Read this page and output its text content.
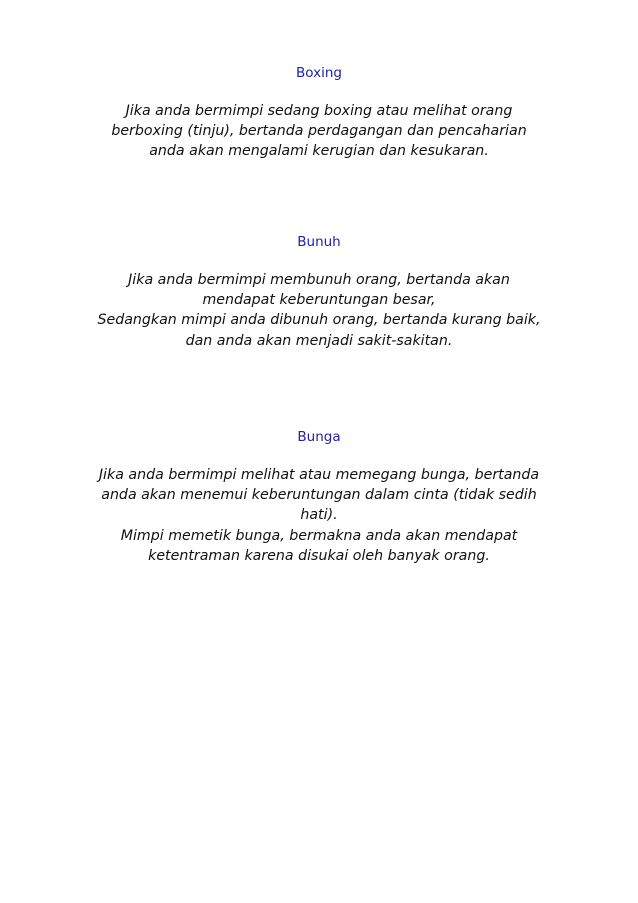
Boxing

Jika anda bermimpi sedang boxing atau melihat orang

berboxing (tinju), bertanda perdagangan dan pencaharian

anda akan mengalami kerugian dan kesukaran.

Bunuh

Jika anda bermimpi membunuh orang, bertanda akan

mendapat keberuntungan besar,

Sedangkan mimpi anda dibunuh orang, bertanda kurang baik,

dan anda akan menjadi sakit-sakitan.

Bunga

Jika anda bermimpi melihat atau memegang bunga, bertanda

anda akan menemui keberuntungan dalam cinta (tidak sedih

hati).

Mimpi memetik bunga, bermakna anda akan mendapat

ketentraman karena disukai oleh banyak orang.
